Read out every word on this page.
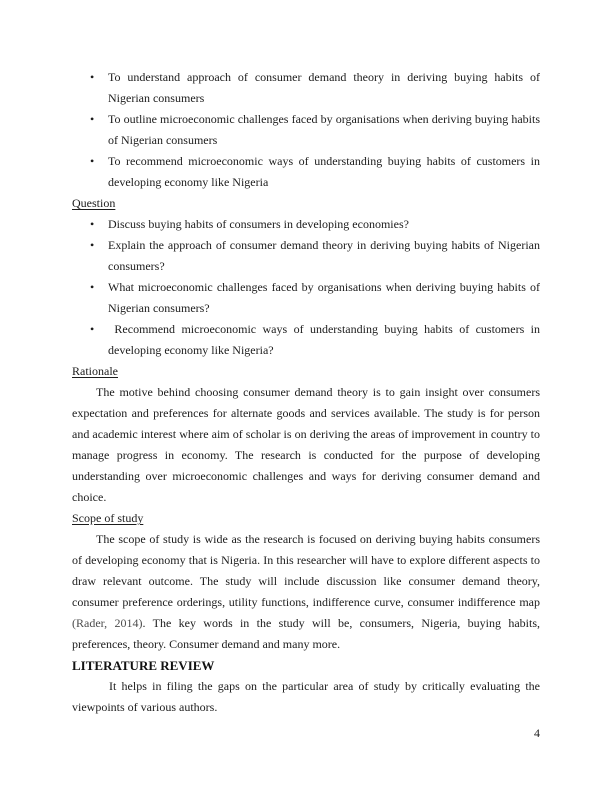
• To understand approach of consumer demand theory in deriving buying habits of Nigerian consumers
• To outline microeconomic challenges faced by organisations when deriving buying habits of Nigerian consumers
• To recommend microeconomic ways of understanding buying habits of customers in developing economy like Nigeria
Question
• Discuss buying habits of consumers in developing economies?
• Explain the approach of consumer demand theory in deriving buying habits of Nigerian consumers?
• What microeconomic challenges faced by organisations when deriving buying habits of Nigerian consumers?
• Recommend microeconomic ways of understanding buying habits of customers in developing economy like Nigeria?
Rationale

The motive behind choosing consumer demand theory is to gain insight over consumers expectation and preferences for alternate goods and services available. The study is for person and academic interest where aim of scholar is on deriving the areas of improvement in country to manage progress in economy. The research is conducted for the purpose of developing understanding over microeconomic challenges and ways for deriving consumer demand and choice.

Scope of study

The scope of study is wide as the research is focused on deriving buying habits consumers of developing economy that is Nigeria. In this researcher will have to explore different aspects to draw relevant outcome. The study will include discussion like consumer demand theory, consumer preference orderings, utility functions, indifference curve, consumer indifference map (Rader, 2014). The key words in the study will be, consumers, Nigeria, buying habits, preferences, theory. Consumer demand and many more.

LITERATURE REVIEW

It helps in filing the gaps on the particular area of study by critically evaluating the viewpoints of various authors.

4
